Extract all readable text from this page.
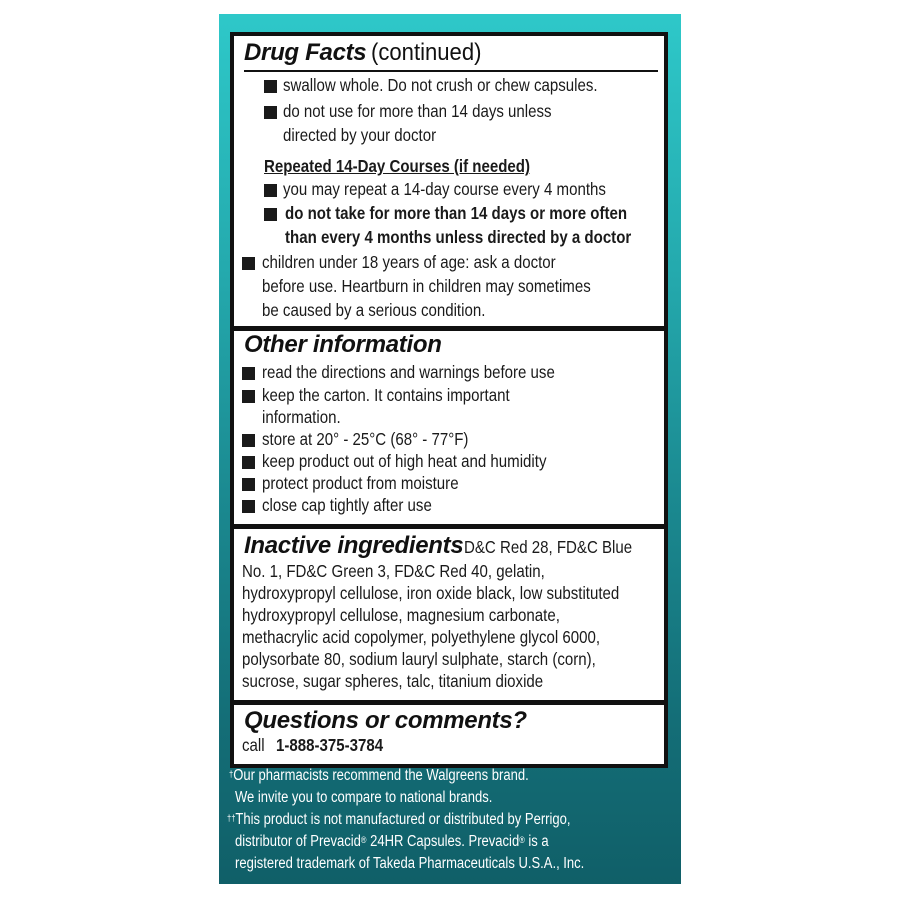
Drug Facts (continued)
swallow whole. Do not crush or chew capsules.
do not use for more than 14 days unless
directed by your doctor
Repeated 14-Day Courses (if needed)
you may repeat a 14-day course every 4 months
do not take for more than 14 days or more often
than every 4 months unless directed by a doctor
children under 18 years of age: ask a doctor
before use. Heartburn in children may sometimes
be caused by a serious condition.
Other information
read the directions and warnings before use
keep the carton. It contains important
information.
store at 20° - 25°C (68° - 77°F)
keep product out of high heat and humidity
protect product from moisture
close cap tightly after use
Inactive ingredients D&C Red 28, FD&C Blue
No. 1, FD&C Green 3, FD&C Red 40, gelatin,
hydroxypropyl cellulose, iron oxide black, low substituted
hydroxypropyl cellulose, magnesium carbonate,
methacrylic acid copolymer, polyethylene glycol 6000,
polysorbate 80, sodium lauryl sulphate, starch (corn),
sucrose, sugar spheres, talc, titanium dioxide
Questions or comments?
call 1-888-375-3784
†Our pharmacists recommend the Walgreens brand.
We invite you to compare to national brands.
††This product is not manufactured or distributed by Perrigo,
distributor of Prevacid® 24HR Capsules. Prevacid® is a
registered trademark of Takeda Pharmaceuticals U.S.A., Inc.
